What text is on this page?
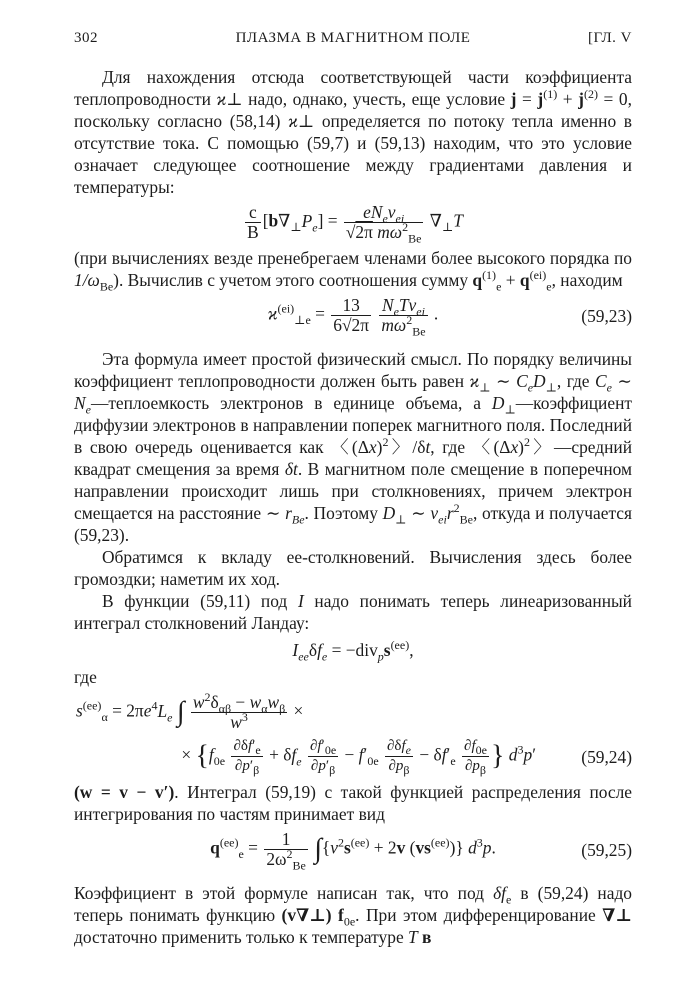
302	ПЛАЗМА В МАГНИТНОМ ПОЛЕ	[ГЛ. V

Для нахождения отсюда соответствующей части коэффициента теплопроводности ϰ⊥ надо, однако, учесть, еще условие $j = j^{(1)} + j^{(2)} = 0$, поскольку согласно (58,14) ϰ⊥ определяется по потоку тепла именно в отсутствие тока. С помощью (59,7) и (59,13) находим, что это условие означает следующее соотношение между градиентами давления и температуры:

$\frac{c}{B} [b\nabla_\perp P_e] = \frac{eN_e\nu_{ei}}{√2\pi m\omega^2_{Be}} \nabla_\perp T$

(при вычислениях везде пренебрегаем членами более высокого порядка по $1/\omega_{Be}$). Вычислив с учетом этого соотношения сумму $q^{(1)}_e + q^{(ei)}_e$, находим

$ϰ^{(ei)}_{\perp e} = \frac{13}{6√2\pi}$
$\frac{N_eT\nu_{ei}}{m\omega^2_{Be}}$ .	(59,23)

Эта формула имеет простой физический смысл. По порядку величины коэффициент теплопроводности должен быть равен $ϰ_\perp$ ∼ $C_eD_\perp$, где $C_e$ ∼ $N_e—теплоемкость$ электронов в единице объема, а $D_\perp—коэффициент$ диффузии электронов в направлении поперек магнитного поля. Последний в свою очередь оценивается как 〈$(\Delta x)^2$〉/δt, где 〈$(\Delta x)^2$〉—средний квадрат смещения за время δt. В магнитном поле смещение в поперечном направлении происходит лишь при столкновениях, причем электрон смещается на расстояние ∼ $r_{Be}$. Поэтому $D_\perp$ ∼ $\nu_{ei}r^2_{Be}$, откуда и получается (59,23).

Обратимся к вкладу ее-столкновений. Вычисления здесь более громоздки; наметим их ход.

В функции (59,11) под I надо понимать теперь линеаризованный интеграл столкновений Ландау:

$I_{ee}\delta f_e = -div_ps^{(ee)}$,

где

$s^{(ee)}_\alpha = 2\pi e^4L_e$ ∫ $\frac{w^2\delta_{\alpha\beta} - w_\alpha w_\beta}{w^3}$ ×
× {$f_{0e} \frac{\partial\delta f'_e}{\partial p'_\beta} + \delta f_e \frac{\partial f'_{0e}}{\partial p'_\beta} - f'_{0e} \frac{\partial\delta f_e}{\partial p_\beta} - \delta f'_e \frac{\partial f_{0e}}{\partial p_\beta}$ } $d^3p'$	(59,24)

(w = v − v′). Интеграл (59,19) с такой функцией распределения после интегрирования по частям принимает вид

$q^{(ee)}_e = \frac{1}{2\omega^2_{Be}} \int\{v^2s^{(ee)} + 2v$ $(vs^{(ee)})$} $d^3p$.	(59,25)

Коэффициент в этой формуле написан так, что под $\delta f_e$ в (59,24) надо теперь понимать функцию (v∇⊥) $f_{0e}$. При этом дифференцирование ∇⊥ достаточно применить только к температуре T в
